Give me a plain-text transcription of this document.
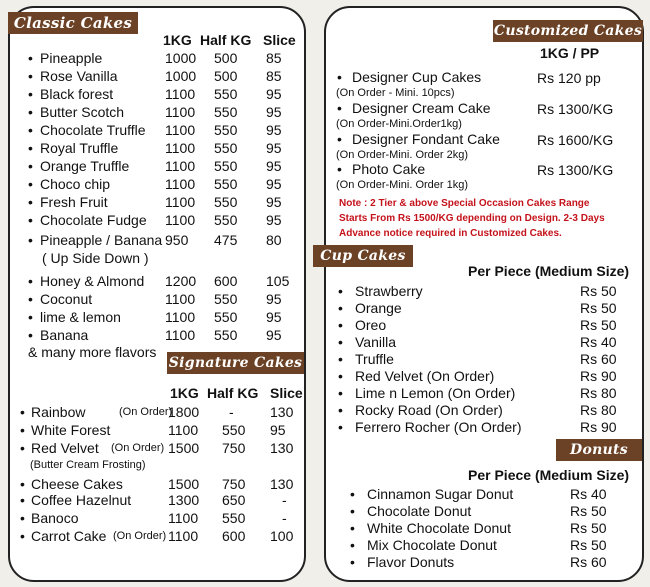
Classic Cakes
1KG Half KG Slice
• Pineapple	1000 500 85
• Rose Vanilla	1000 500 85
• Black forest	1100 550 95
• Butter Scotch	1100 550 95
• Chocolate Truffle 1100 550 95
• Royal Truffle	1100 550 95
• Orange Truffle	1100 550 95
• Choco chip	1100 550 95
• Fresh Fruit	1100 550 95
• Chocolate Fudge 1100 550 95
• Pineapple / Banana
( Up Side Down )
950 475 80
• Honey & Almond 1200 600 105
• Coconut	1100 550 95
• lime & lemon	1100 550 95
• Banana	1100 550 95
& many more flavors
Signature Cakes
1KG Half KG Slice
• Rainbow	(On Order)
1800 -	130
• White Forest	1100 550 95
• Red Velvet (On Order)
(Butter Cream Frosting)
1500 750 130
• Cheese Cakes	1500 750 130
• Coffee Hazelnut	1300 650	-
• Banoco	1100 550	-
• Carrot Cake (On Order) 1100 600 100
Customized Cakes
1KG / PP
• Designer Cup Cakes
(On Order - Mini. 10pcs)
Rs 120 pp
• Designer Cream Cake
(On Order-Mini.Order1kg)
Rs 1300/KG
• Designer Fondant Cake
(On Order-Mini. Order 2kg)
Rs 1600/KG
• Photo Cake
(On Order-Mini. Order 1kg)
Rs 1300/KG
Note : 2 Tier & above Special Occasion Cakes Range
Starts From Rs 1500/KG depending on Design. 2-3 Days
Advance notice required in Customized Cakes.
Cup Cakes
Per Piece (Medium Size)
• Strawberry	Rs 50
• Orange	Rs 50
• Oreo	Rs 50
• Vanilla	Rs 40
• Truffle	Rs 60
• Red Velvet (On Order)	Rs 90
• Lime n Lemon (On Order)	Rs 80
• Rocky Road (On Order)	Rs 80
• Ferrero Rocher (On Order)	Rs 90
Donuts
Per Piece (Medium Size)
• Cinnamon Sugar Donut	Rs 40
• Chocolate Donut	Rs 50
• White Chocolate Donut	Rs 50
• Mix Chocolate Donut	Rs 50
• Flavor Donuts	Rs 60
